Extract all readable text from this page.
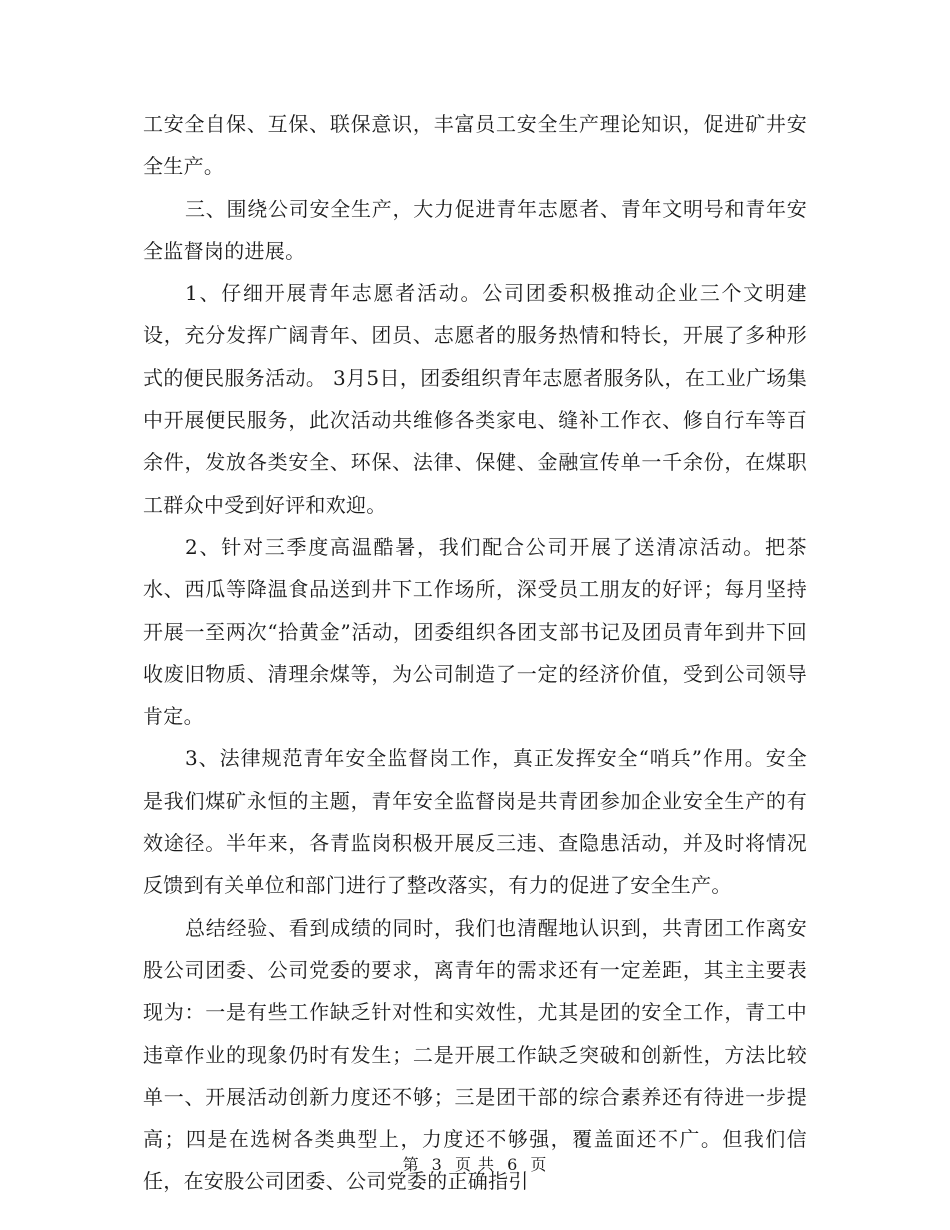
工安全自保、互保、联保意识，丰富员工安全生产理论知识，促进矿井安全生产。

三、围绕公司安全生产，大力促进青年志愿者、青年文明号和青年安全监督岗的进展。

1、仔细开展青年志愿者活动。公司团委积极推动企业三个文明建设，充分发挥广阔青年、团员、志愿者的服务热情和特长，开展了多种形式的便民服务活动。 3月5日，团委组织青年志愿者服务队，在工业广场集中开展便民服务，此次活动共维修各类家电、缝补工作衣、修自行车等百余件，发放各类安全、环保、法律、保健、金融宣传单一千余份，在煤职工群众中受到好评和欢迎。

2、针对三季度高温酷暑，我们配合公司开展了送清凉活动。把茶水、西瓜等降温食品送到井下工作场所，深受员工朋友的好评；每月坚持开展一至两次“拾黄金”活动，团委组织各团支部书记及团员青年到井下回收废旧物质、清理余煤等，为公司制造了一定的经济价值，受到公司领导肯定。

3、法律规范青年安全监督岗工作，真正发挥安全“哨兵”作用。安全是我们煤矿永恒的主题，青年安全监督岗是共青团参加企业安全生产的有效途径。半年来，各青监岗积极开展反三违、查隐患活动，并及时将情况反馈到有关单位和部门进行了整改落实，有力的促进了安全生产。

总结经验、看到成绩的同时，我们也清醒地认识到，共青团工作离安股公司团委、公司党委的要求，离青年的需求还有一定差距，其主主要表现为：一是有些工作缺乏针对性和实效性，尤其是团的安全工作，青工中违章作业的现象仍时有发生；二是开展工作缺乏突破和创新性，方法比较单一、开展活动创新力度还不够；三是团干部的综合素养还有待进一步提高；四是在选树各类典型上，力度还不够强，覆盖面还不广。但我们信任，在安股公司团委、公司党委的正确指引

第 3 页 共 6 页
